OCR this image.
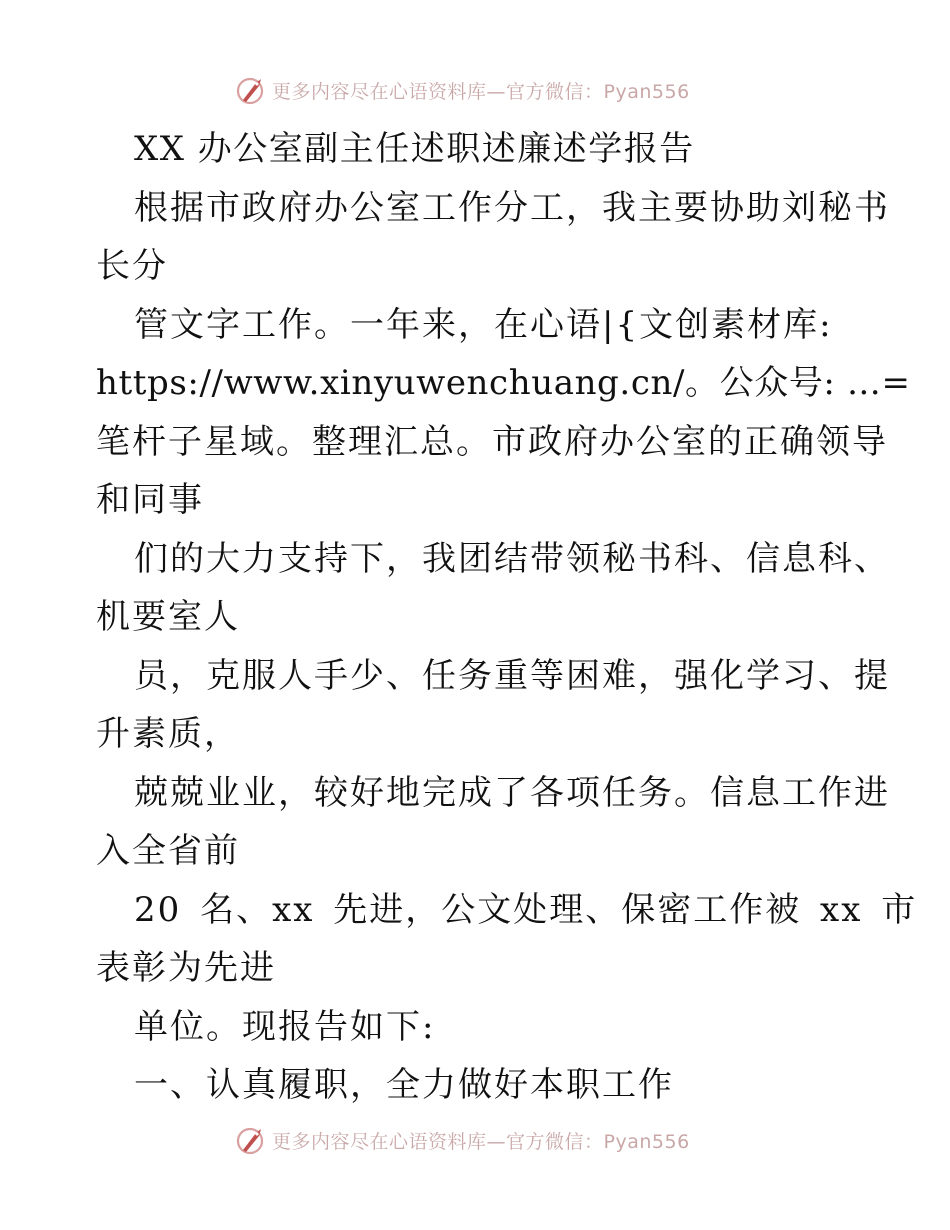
更多内容尽在心语资料库—官方微信：Pyan556
XX 办公室副主任述职述廉述学报告
根据市政府办公室工作分工，我主要协助刘秘书
长分
管文字工作。一年来，在心语|{文创素材库:
https://www.xinyuwenchuang.cn/。公众号: …=
笔杆子星域。整理汇总。市政府办公室的正确领导
和同事
们的大力支持下，我团结带领秘书科、信息科、
机要室人
员，克服人手少、任务重等困难，强化学习、提
升素质，
兢兢业业，较好地完成了各项任务。信息工作进
入全省前
20 名、xx 先进，公文处理、保密工作被 xx 市
表彰为先进
单位。现报告如下:
一、认真履职，全力做好本职工作
更多内容尽在心语资料库—官方微信：Pyan556
